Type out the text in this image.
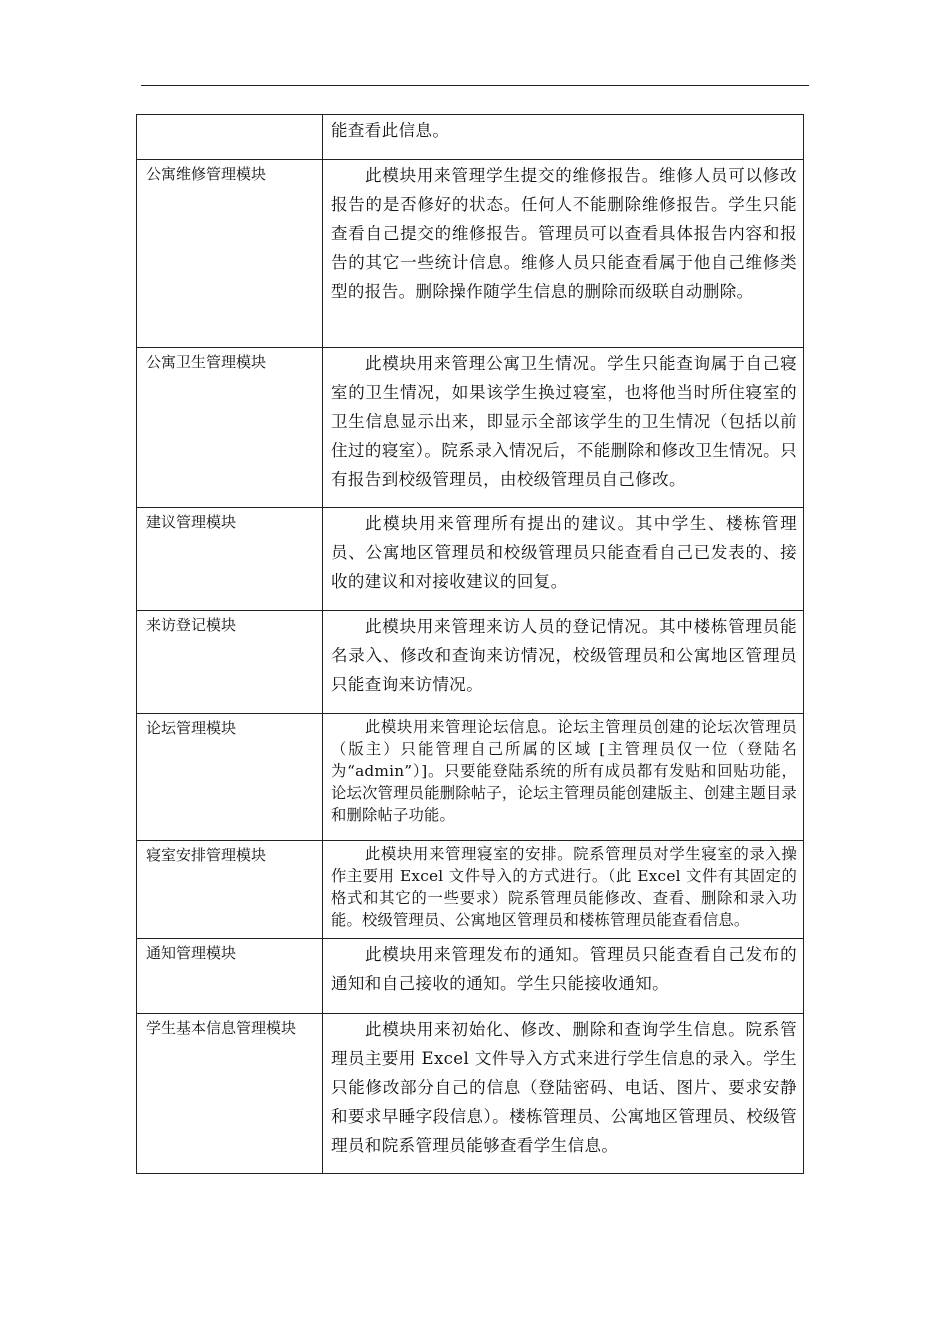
	能查看此信息。

公寓维修管理模块	此模块用来管理学生提交的维修报告。维修人员可以修改报告的是否修好的状态。任何人不能删除维修报告。学生只能查看自己提交的维修报告。管理员可以查看具体报告内容和报告的其它一些统计信息。维修人员只能查看属于他自己维修类型的报告。删除操作随学生信息的删除而级联自动删除。

公寓卫生管理模块	此模块用来管理公寓卫生情况。学生只能查询属于自己寝室的卫生情况，如果该学生换过寝室，也将他当时所住寝室的卫生信息显示出来，即显示全部该学生的卫生情况（包括以前住过的寝室）。院系录入情况后，不能删除和修改卫生情况。只有报告到校级管理员，由校级管理员自己修改。

建议管理模块	此模块用来管理所有提出的建议。其中学生、楼栋管理员、公寓地区管理员和校级管理员只能查看自己已发表的、接收的建议和对接收建议的回复。

来访登记模块	此模块用来管理来访人员的登记情况。其中楼栋管理员能名录入、修改和查询来访情况，校级管理员和公寓地区管理员只能查询来访情况。

论坛管理模块	此模块用来管理论坛信息。论坛主管理员创建的论坛次管理员（版主）只能管理自己所属的区域 [主管理员仅一位（登陆名为“admin”）]。只要能登陆系统的所有成员都有发贴和回贴功能，论坛次管理员能删除帖子，论坛主管理员能创建版主、创建主题目录和删除帖子功能。

寝室安排管理模块	此模块用来管理寝室的安排。院系管理员对学生寝室的录入操作主要用 Excel 文件导入的方式进行。（此 Excel 文件有其固定的格式和其它的一些要求）院系管理员能修改、查看、删除和录入功能。校级管理员、公寓地区管理员和楼栋管理员能查看信息。

通知管理模块	此模块用来管理发布的通知。管理员只能查看自己发布的通知和自己接收的通知。学生只能接收通知。

学生基本信息管理模块	此模块用来初始化、修改、删除和查询学生信息。院系管理员主要用 Excel 文件导入方式来进行学生信息的录入。学生只能修改部分自己的信息（登陆密码、电话、图片、要求安静和要求早睡字段信息）。楼栋管理员、公寓地区管理员、校级管理员和院系管理员能够查看学生信息。
